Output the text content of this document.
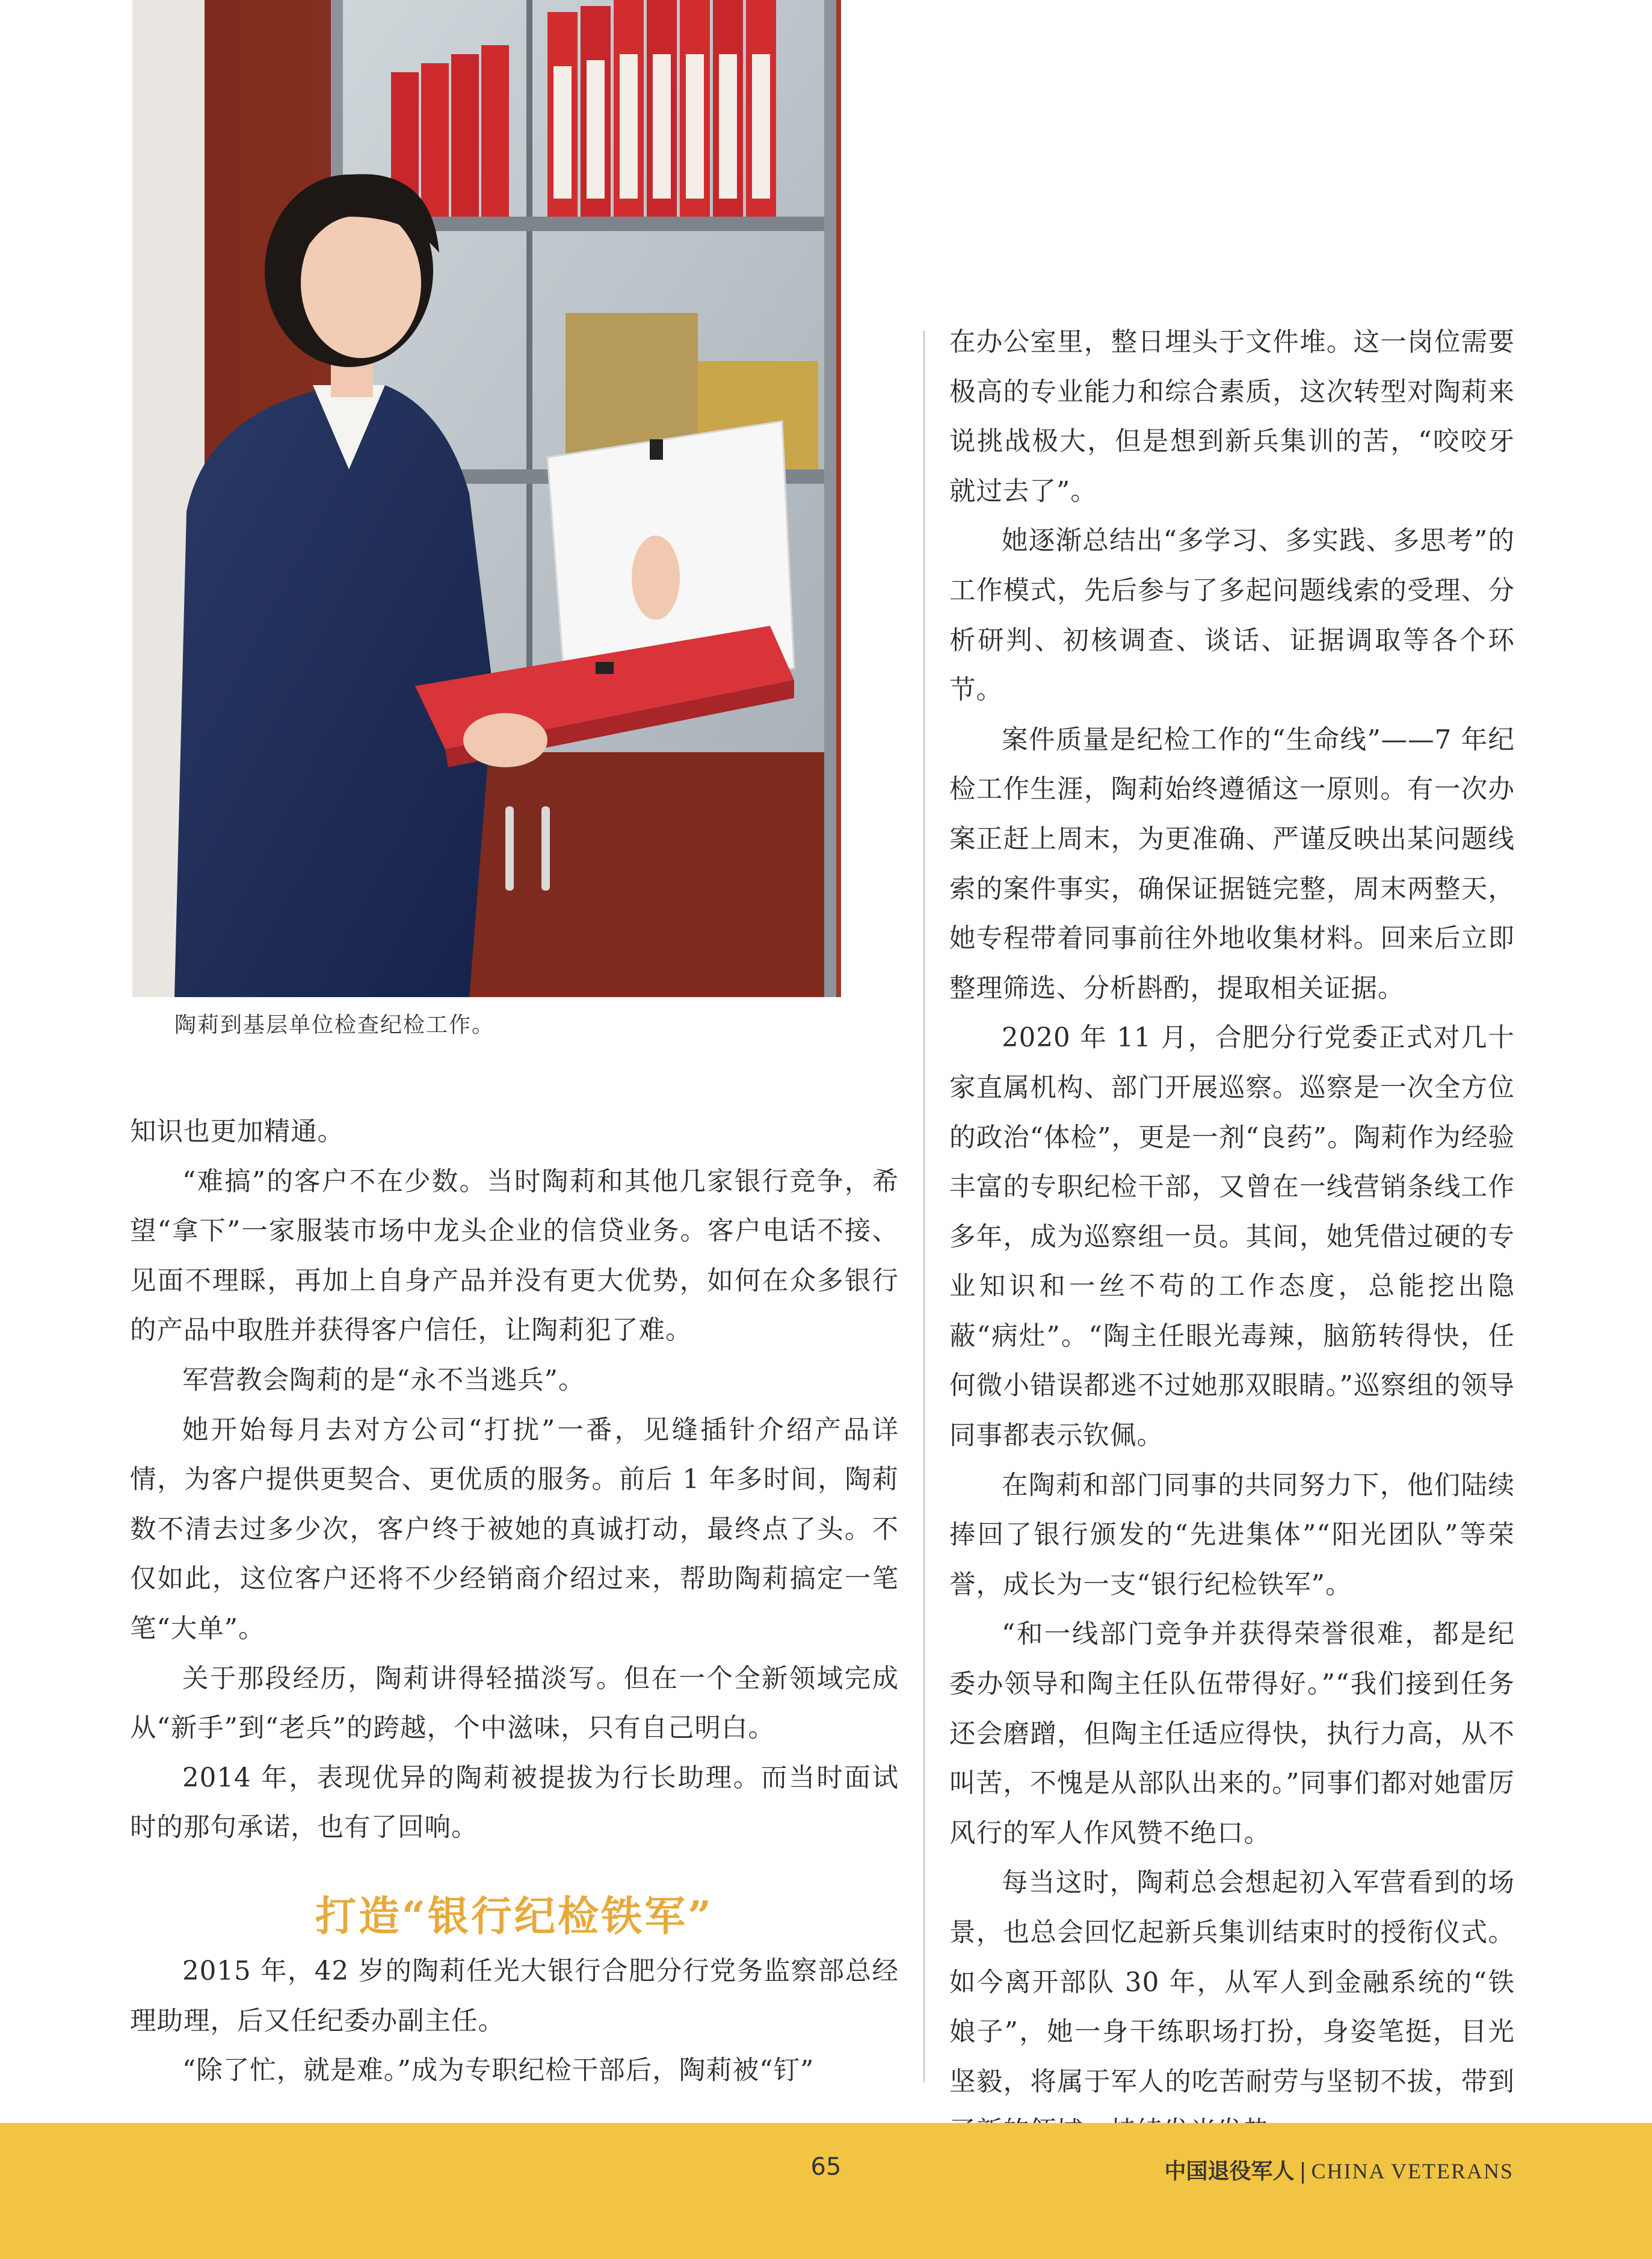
陶莉到基层单位检查纪检工作。

知识也更加精通。

“难搞”的客户不在少数。当时陶莉和其他几家银行竞争，希望“拿下”一家服装市场中龙头企业的信贷业务。客户电话不接、见面不理睬，再加上自身产品并没有更大优势，如何在众多银行的产品中取胜并获得客户信任，让陶莉犯了难。

军营教会陶莉的是“永不当逃兵”。

她开始每月去对方公司“打扰”一番，见缝插针介绍产品详情，为客户提供更契合、更优质的服务。前后 1 年多时间，陶莉数不清去过多少次，客户终于被她的真诚打动，最终点了头。不仅如此，这位客户还将不少经销商介绍过来，帮助陶莉搞定一笔笔“大单”。

关于那段经历，陶莉讲得轻描淡写。但在一个全新领域完成从“新手”到“老兵”的跨越，个中滋味，只有自己明白。

2014 年，表现优异的陶莉被提拔为行长助理。而当时面试时的那句承诺，也有了回响。

打造“银行纪检铁军”

2015 年，42 岁的陶莉任光大银行合肥分行党务监察部总经理助理，后又任纪委办副主任。

“除了忙，就是难。”成为专职纪检干部后，陶莉被“钉”

在办公室里，整日埋头于文件堆。这一岗位需要极高的专业能力和综合素质，这次转型对陶莉来说挑战极大，但是想到新兵集训的苦，“咬咬牙就过去了”。

她逐渐总结出“多学习、多实践、多思考”的工作模式，先后参与了多起问题线索的受理、分析研判、初核调查、谈话、证据调取等各个环节。

案件质量是纪检工作的“生命线”——7 年纪检工作生涯，陶莉始终遵循这一原则。有一次办案正赶上周末，为更准确、严谨反映出某问题线索的案件事实，确保证据链完整，周末两整天，她专程带着同事前往外地收集材料。回来后立即整理筛选、分析斟酌，提取相关证据。

2020 年 11 月，合肥分行党委正式对几十家直属机构、部门开展巡察。巡察是一次全方位的政治“体检”，更是一剂“良药”。陶莉作为经验丰富的专职纪检干部，又曾在一线营销条线工作多年，成为巡察组一员。其间，她凭借过硬的专业知识和一丝不苟的工作态度，总能挖出隐蔽“病灶”。“陶主任眼光毒辣，脑筋转得快，任何微小错误都逃不过她那双眼睛。”巡察组的领导同事都表示钦佩。

在陶莉和部门同事的共同努力下，他们陆续捧回了银行颁发的“先进集体”“阳光团队”等荣誉，成长为一支“银行纪检铁军”。

“和一线部门竞争并获得荣誉很难，都是纪委办领导和陶主任队伍带得好。”“我们接到任务还会磨蹭，但陶主任适应得快，执行力高，从不叫苦，不愧是从部队出来的。”同事们都对她雷厉风行的军人作风赞不绝口。

每当这时，陶莉总会想起初入军营看到的场景，也总会回忆起新兵集训结束时的授衔仪式。如今离开部队 30 年，从军人到金融系统的“铁娘子”，她一身干练职场打扮，身姿笔挺，目光坚毅，将属于军人的吃苦耐劳与坚韧不拔，带到

65	中国退役军人 | CHINA VETERANS
